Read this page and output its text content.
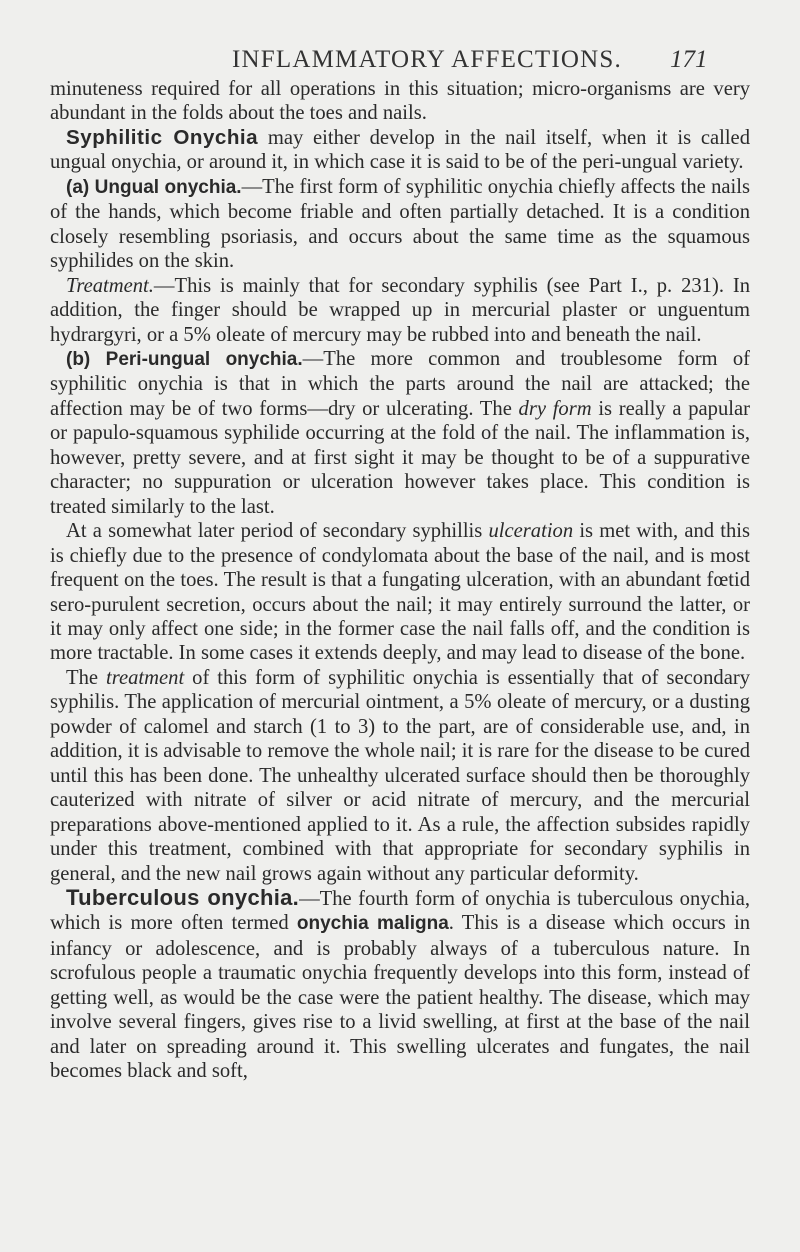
INFLAMMATORY AFFECTIONS. 171

minuteness required for all operations in this situation; micro-organisms are very abundant in the folds about the toes and nails.

Syphilitic Onychia may either develop in the nail itself, when it is called ungual onychia, or around it, in which case it is said to be of the peri-ungual variety.

(a) Ungual onychia.—The first form of syphilitic onychia chiefly affects the nails of the hands, which become friable and often partially detached. It is a condition closely resembling psoriasis, and occurs about the same time as the squamous syphilides on the skin.

Treatment.—This is mainly that for secondary syphilis (see Part I., p. 231). In addition, the finger should be wrapped up in mercurial plaster or unguentum hydrargyri, or a 5% oleate of mercury may be rubbed into and beneath the nail.

(b) Peri-ungual onychia.—The more common and troublesome form of syphilitic onychia is that in which the parts around the nail are attacked; the affection may be of two forms—dry or ulcerating. The dry form is really a papular or papulo-squamous syphilide occurring at the fold of the nail. The inflammation is, however, pretty severe, and at first sight it may be thought to be of a suppurative character; no suppuration or ulceration however takes place. This condition is treated similarly to the last.

At a somewhat later period of secondary syphillis ulceration is met with, and this is chiefly due to the presence of condylomata about the base of the nail, and is most frequent on the toes. The result is that a fungating ulceration, with an abundant fœtid sero-purulent secretion, occurs about the nail; it may entirely surround the latter, or it may only affect one side; in the former case the nail falls off, and the condition is more tractable. In some cases it extends deeply, and may lead to disease of the bone.

The treatment of this form of syphilitic onychia is essentially that of secondary syphilis. The application of mercurial ointment, a 5% oleate of mercury, or a dusting powder of calomel and starch (1 to 3) to the part, are of considerable use, and, in addition, it is advisable to remove the whole nail; it is rare for the disease to be cured until this has been done. The unhealthy ulcerated surface should then be thoroughly cauterized with nitrate of silver or acid nitrate of mercury, and the mercurial preparations above-mentioned applied to it. As a rule, the affection subsides rapidly under this treatment, combined with that appropriate for secondary syphilis in general, and the new nail grows again without any particular deformity.

Tuberculous onychia.—The fourth form of onychia is tuberculous onychia, which is more often termed onychia maligna. This is a disease which occurs in infancy or adolescence, and is probably always of a tuberculous nature. In scrofulous people a traumatic onychia frequently develops into this form, instead of getting well, as would be the case were the patient healthy. The disease, which may involve several fingers, gives rise to a livid swelling, at first at the base of the nail and later on spreading around it. This swelling ulcerates and fungates, the nail becomes black and soft,
